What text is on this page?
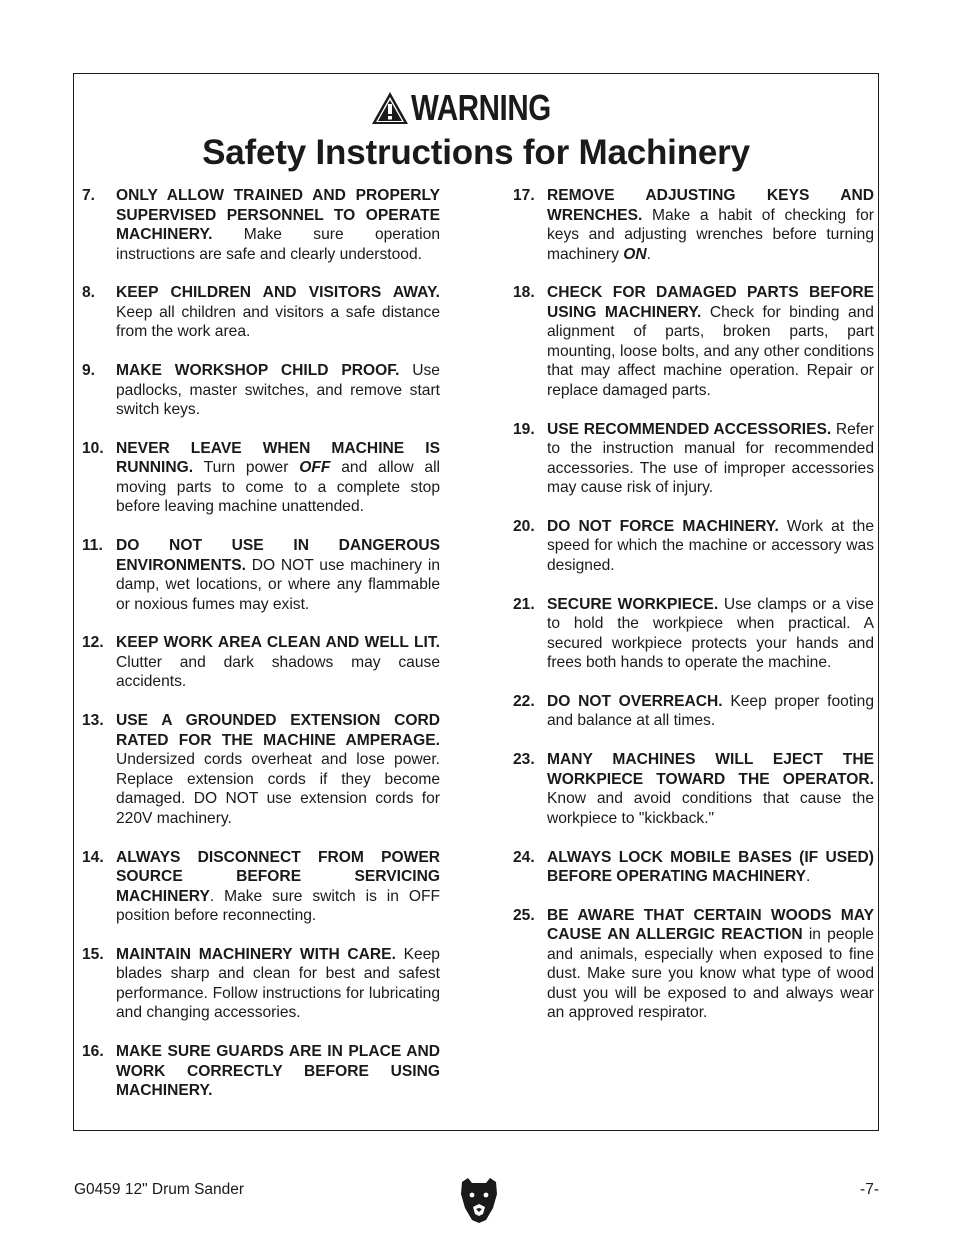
WARNING
Safety Instructions for Machinery
7.	ONLY ALLOW TRAINED AND PROPERLY SUPERVISED PERSONNEL TO OPERATE MACHINERY. Make sure operation instructions are safe and clearly understood.
8.	KEEP CHILDREN AND VISITORS AWAY. Keep all children and visitors a safe distance from the work area.
9.	MAKE WORKSHOP CHILD PROOF. Use padlocks, master switches, and remove start switch keys.
10. NEVER LEAVE WHEN MACHINE IS RUNNING. Turn power OFF and allow all moving parts to come to a complete stop before leaving machine unattended.
11. DO NOT USE IN DANGEROUS ENVIRONMENTS. DO NOT use machinery in damp, wet locations, or where any flammable or noxious fumes may exist.
12. KEEP WORK AREA CLEAN AND WELL LIT. Clutter and dark shadows may cause accidents.
13. USE A GROUNDED EXTENSION CORD RATED FOR THE MACHINE AMPERAGE. Undersized cords overheat and lose power. Replace extension cords if they become damaged. DO NOT use extension cords for 220V machinery.
14. ALWAYS DISCONNECT FROM POWER SOURCE BEFORE SERVICING MACHINERY. Make sure switch is in OFF position before reconnecting.
15. MAINTAIN MACHINERY WITH CARE. Keep blades sharp and clean for best and safest performance. Follow instructions for lubricating and changing accessories.
16. MAKE SURE GUARDS ARE IN PLACE AND WORK CORRECTLY BEFORE USING MACHINERY.
17. REMOVE ADJUSTING KEYS AND WRENCHES. Make a habit of checking for keys and adjusting wrenches before turning machinery ON.
18. CHECK FOR DAMAGED PARTS BEFORE USING MACHINERY. Check for binding and alignment of parts, broken parts, part mounting, loose bolts, and any other conditions that may affect machine operation. Repair or replace damaged parts.
19. USE RECOMMENDED ACCESSORIES. Refer to the instruction manual for recommended accessories. The use of improper accessories may cause risk of injury.
20. DO NOT FORCE MACHINERY. Work at the speed for which the machine or accessory was designed.
21. SECURE WORKPIECE. Use clamps or a vise to hold the workpiece when practical. A secured workpiece protects your hands and frees both hands to operate the machine.
22. DO NOT OVERREACH. Keep proper footing and balance at all times.
23. MANY MACHINES WILL EJECT THE WORKPIECE TOWARD THE OPERATOR. Know and avoid conditions that cause the workpiece to "kickback."
24. ALWAYS LOCK MOBILE BASES (IF USED) BEFORE OPERATING MACHINERY.
25. BE AWARE THAT CERTAIN WOODS MAY CAUSE AN ALLERGIC REACTION in people and animals, especially when exposed to fine dust. Make sure you know what type of wood dust you will be exposed to and always wear an approved respirator.
G0459 12" Drum Sander	-7-
